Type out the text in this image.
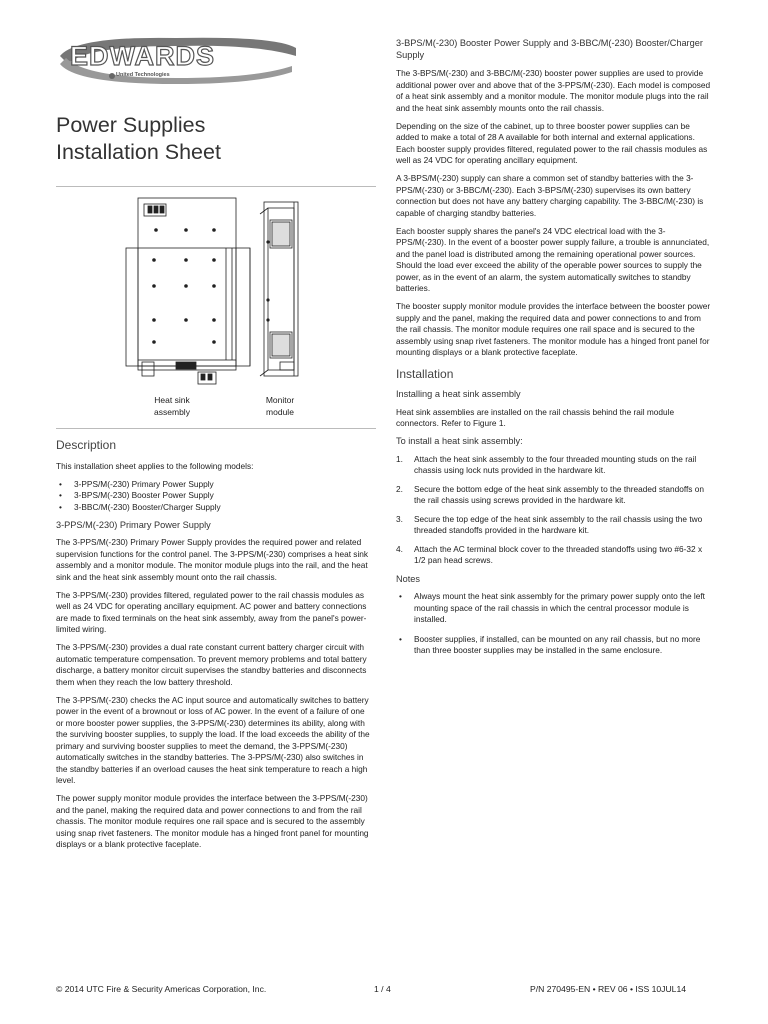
EDWARDS
United Technologies
Power Supplies
Installation Sheet
Heat sink
assembly
Monitor
module
Description

This installation sheet applies to the following models:

• 3-PPS/M(-230) Primary Power Supply
• 3-BPS/M(-230) Booster Power Supply
• 3-BBC/M(-230) Booster/Charger Supply
3-PPS/M(-230) Primary Power Supply

The 3-PPS/M(-230) Primary Power Supply provides the required power and related supervision functions for the control panel. The 3-PPS/M(-230) comprises a heat sink assembly and a monitor module. The monitor module plugs into the rail, and the heat sink and the heat sink assembly mount onto the rail chassis.

The 3-PPS/M(-230) provides filtered, regulated power to the rail chassis modules as well as 24 VDC for operating ancillary equipment. AC power and battery connections are made to fixed terminals on the heat sink assembly, away from the panel's power-limited wiring.

The 3-PPS/M(-230) provides a dual rate constant current battery charger circuit with automatic temperature compensation. To prevent memory problems and total battery discharge, a battery monitor circuit supervises the standby batteries and disconnects them when they reach the low battery threshold.

The 3-PPS/M(-230) checks the AC input source and automatically switches to battery power in the event of a brownout or loss of AC power. In the event of a failure of one or more booster power supplies, the 3-PPS/M(-230) determines its ability, along with the surviving booster supplies, to supply the load. If the load exceeds the ability of the primary and surviving booster supplies to meet the demand, the 3-PPS/M(-230) automatically switches in the standby batteries. The 3-PPS/M(-230) also switches in the standby batteries if an overload causes the heat sink temperature to reach a high level.

The power supply monitor module provides the interface between the 3-PPS/M(-230) and the panel, making the required data and power connections to and from the rail chassis. The monitor module requires one rail space and is secured to the assembly using snap rivet fasteners. The monitor module has a hinged front panel for mounting displays or a blank protective faceplate.

3-BPS/M(-230) Booster Power Supply and 3-BBC/M(-230) Booster/Charger Supply

The 3-BPS/M(-230) and 3-BBC/M(-230) booster power supplies are used to provide additional power over and above that of the 3-PPS/M(-230). Each model is composed of a heat sink assembly and a monitor module. The monitor module plugs into the rail and the heat sink assembly mounts onto the rail chassis.

Depending on the size of the cabinet, up to three booster power supplies can be added to make a total of 28 A available for both internal and external applications. Each booster supply provides filtered, regulated power to the rail chassis modules as well as 24 VDC for operating ancillary equipment.

A 3-BPS/M(-230) supply can share a common set of standby batteries with the 3-PPS/M(-230) or 3-BBC/M(-230). Each 3-BPS/M(-230) supervises its own battery connection but does not have any battery charging capability. The 3-BBC/M(-230) is capable of charging standby batteries.

Each booster supply shares the panel's 24 VDC electrical load with the 3-PPS/M(-230). In the event of a booster power supply failure, a trouble is annunciated, and the panel load is distributed among the remaining operational power sources. Should the load ever exceed the ability of the operable power sources to supply the power, as in the event of an alarm, the system automatically switches to standby batteries.

The booster supply monitor module provides the interface between the booster power supply and the panel, making the required data and power connections to and from the rail chassis. The monitor module requires one rail space and is secured to the assembly using snap rivet fasteners. The monitor module has a hinged front panel for mounting displays or a blank protective faceplate.

Installation
Installing a heat sink assembly

Heat sink assemblies are installed on the rail chassis behind the rail module connectors. Refer to Figure 1.

To install a heat sink assembly:
1. Attach the heat sink assembly to the four threaded mounting studs on the rail chassis using lock nuts provided in the hardware kit.
2. Secure the bottom edge of the heat sink assembly to the threaded standoffs on the rail chassis using screws provided in the hardware kit.
3. Secure the top edge of the heat sink assembly to the rail chassis using the two threaded standoffs provided in the hardware kit.
4. Attach the AC terminal block cover to the threaded standoffs using two #6-32 x 1/2 pan head screws.
Notes
• Always mount the heat sink assembly for the primary power supply onto the left mounting space of the rail chassis in which the central processor module is installed.
• Booster supplies, if installed, can be mounted on any rail chassis, but no more than three booster supplies may be installed in the same enclosure.
© 2014 UTC Fire & Security Americas Corporation, Inc.	1 / 4	P/N 270495-EN • REV 06 • ISS 10JUL14
